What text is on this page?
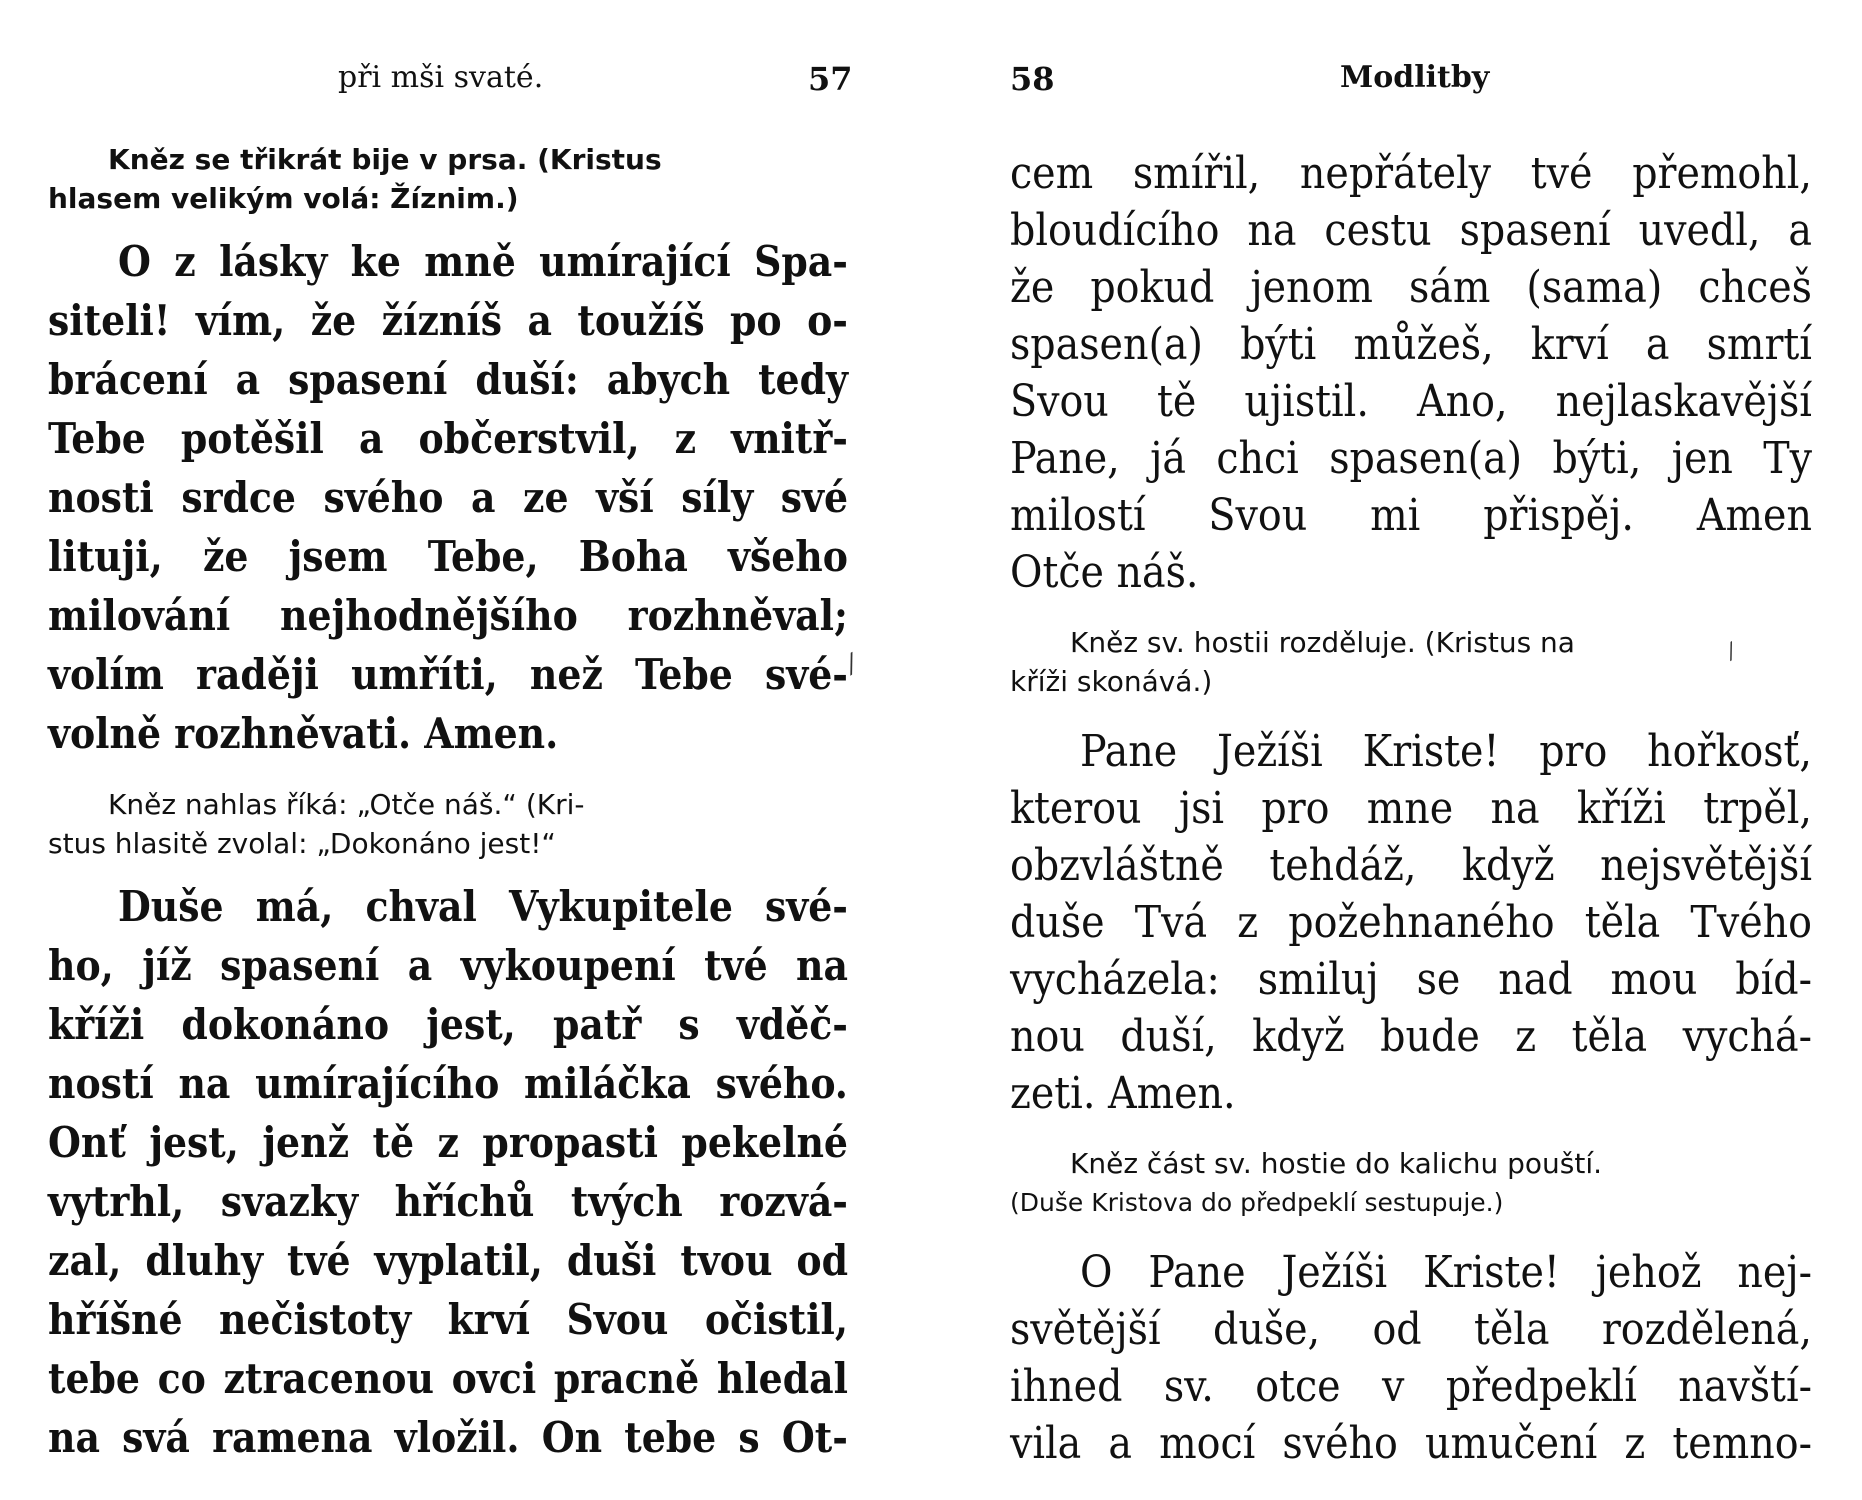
při mši svaté.	57
Kněz se třikrát bije v prsa. (Kristus
hlasem velikým volá: Žíznim.)
O z lásky ke mně umírající Spa-
siteli! vím, že žízníš a toužíš po o-
brácení a spasení duší: abych tedy
Tebe potěšil a občerstvil, z vnitř-
nosti srdce svého a ze vší síly své
lituji, že jsem Tebe, Boha všeho
milování nejhodnějšího rozhněval;
volím raději umříti, než Tebe své-
volně rozhněvati. Amen.
Kněz nahlas říká: „Otče náš.“ (Kri-
stus hlasitě zvolal: „Dokonáno jest!“
Duše má, chval Vykupitele své-
ho, jíž spasení a vykoupení tvé na
kříži dokonáno jest, patř s vděč-
ností na umírajícího miláčka svého.
Onť jest, jenž tě z propasti pekelné
vytrhl, svazky hříchů tvých rozvá-
zal, dluhy tvé vyplatil, duši tvou od
hříšné nečistoty krví Svou očistil,
tebe co ztracenou ovci pracně hledal
na svá ramena vložil. On tebe s Ot-
58	Modlitby
cem smířil, nepřátely tvé přemohl,
bloudícího na cestu spasení uvedl, a
že pokud jenom sám (sama) chceš
spasen(a) býti můžeš, krví a smrtí
Svou tě ujistil. Ano, nejlaskavější
Pane, já chci spasen(a) býti, jen Ty
milostí Svou mi přispěj. Amen
Otče náš.
Kněz sv. hostii rozděluje. (Kristus na
kříži skonává.)
Pane Ježíši Kriste! pro hořkosť,
kterou jsi pro mne na kříži trpěl,
obzvláštně tehdáž, když nejsvětější
duše Tvá z požehnaného těla Tvého
vycházela: smiluj se nad mou bíd-
nou duší, když bude z těla vychá-
zeti. Amen.
Kněz část sv. hostie do kalichu pouští.
(Duše Kristova do předpeklí sestupuje.)
O Pane Ježíši Kriste! jehož nej-
světější duše, od těla rozdělená,
ihned sv. otce v předpeklí navští-
vila a mocí svého umučení z temno-
⁄	⁄
